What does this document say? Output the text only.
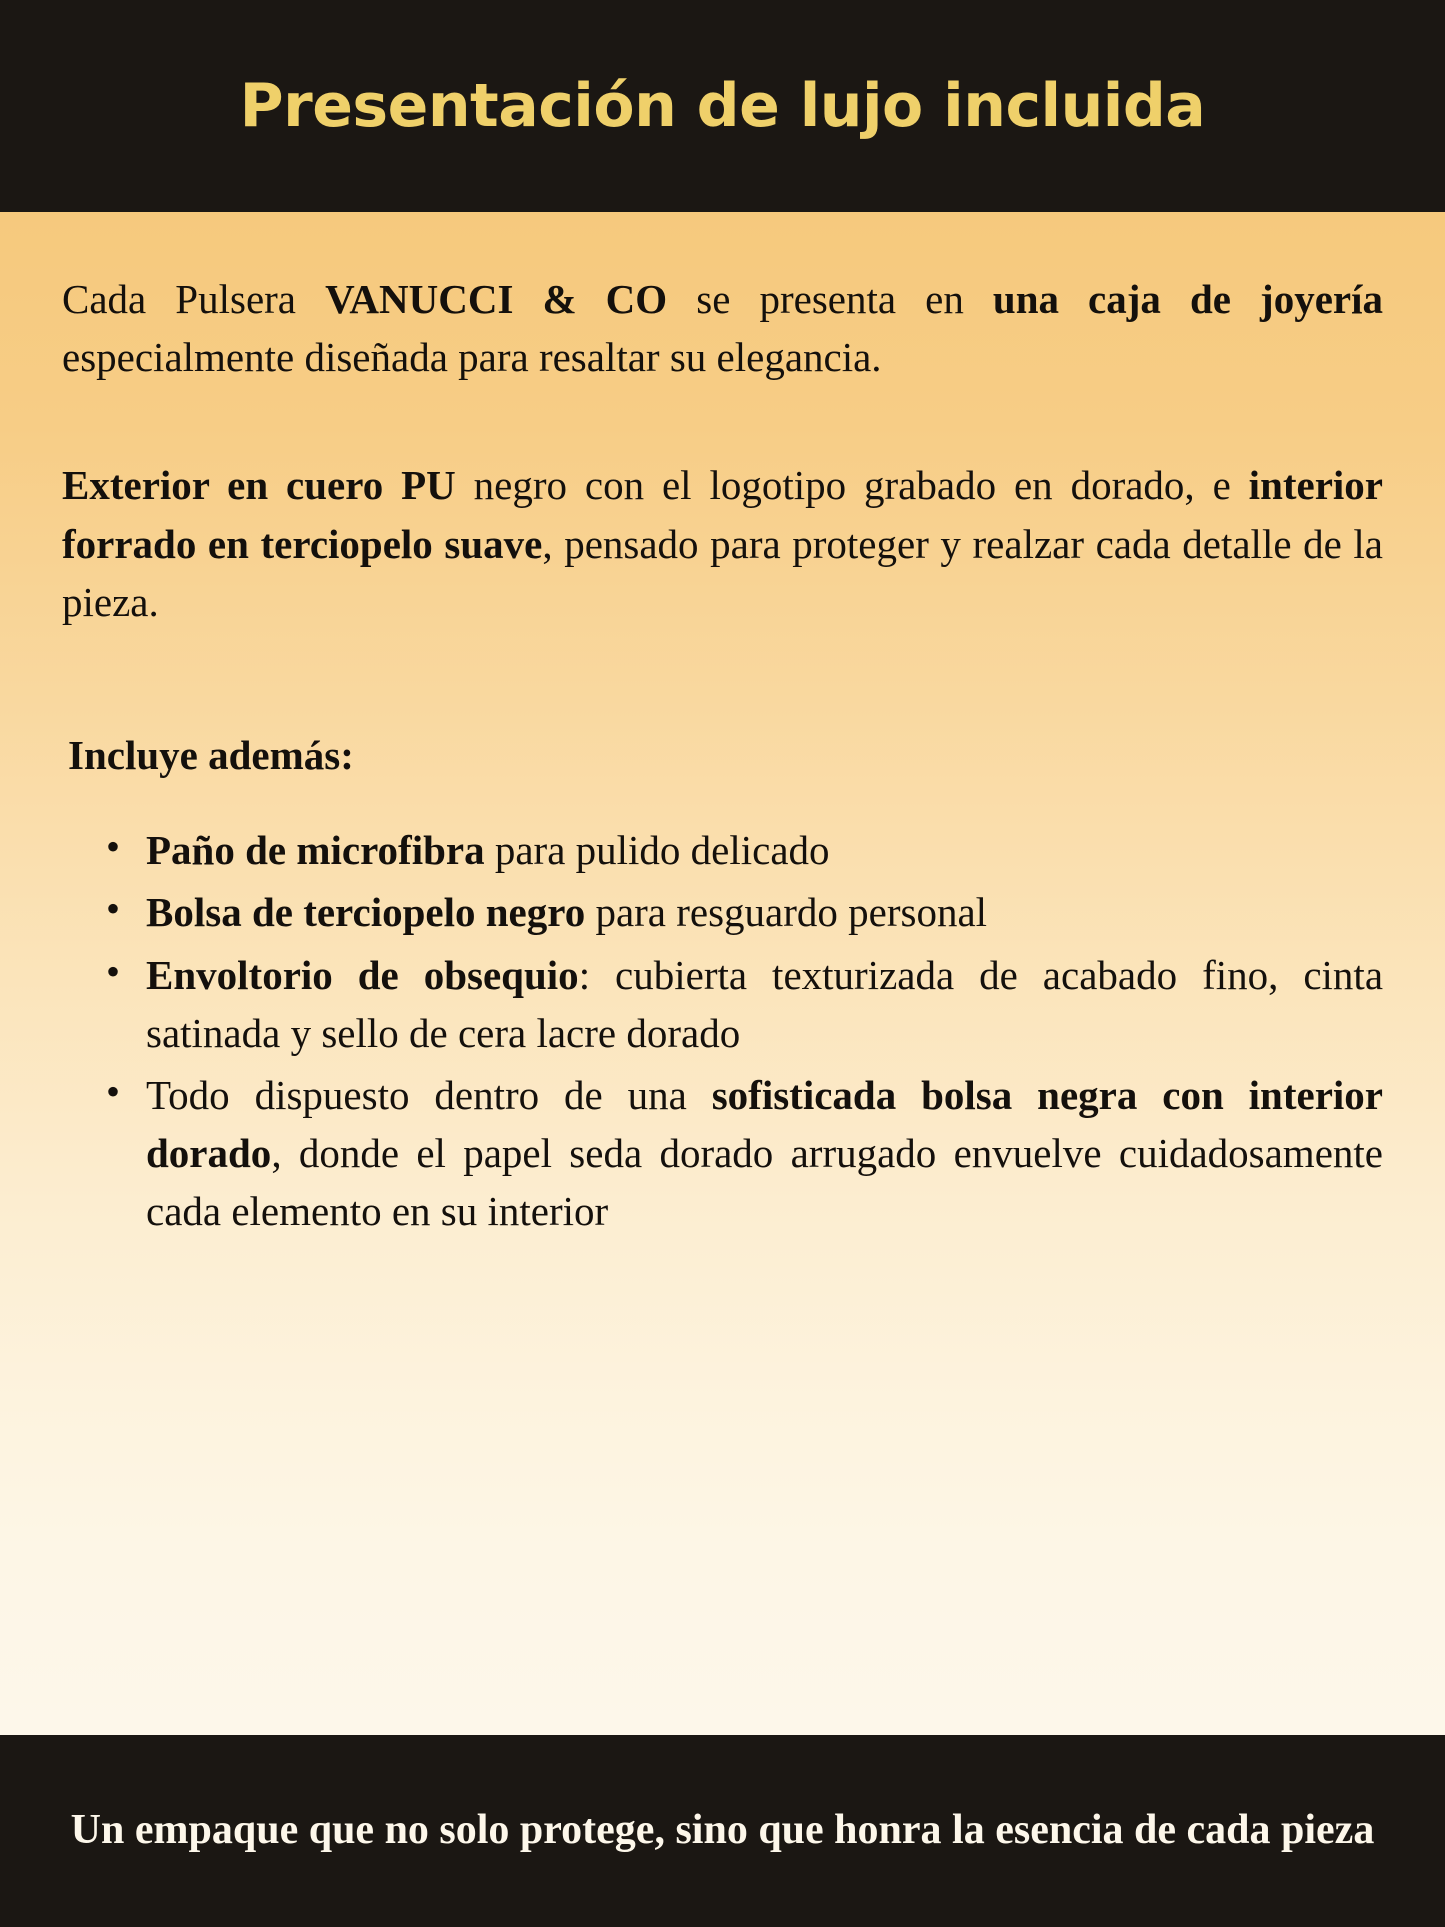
Presentación de lujo incluida

Cada Pulsera VANUCCI & CO se presenta en una caja de joyería especialmente diseñada para resaltar su elegancia.

Exterior en cuero PU negro con el logotipo grabado en dorado, e interior forrado en terciopelo suave, pensado para proteger y realzar cada detalle de la pieza.

Incluye además:
• Paño de microfibra para pulido delicado
• Bolsa de terciopelo negro para resguardo personal
• Envoltorio de obsequio: cubierta texturizada de acabado fino, cinta satinada y sello de cera lacre dorado
• Todo dispuesto dentro de una sofisticada bolsa negra con interior dorado, donde el papel seda dorado arrugado envuelve cuidadosamente cada elemento en su interior
Un empaque que no solo protege, sino que honra la esencia de cada pieza
